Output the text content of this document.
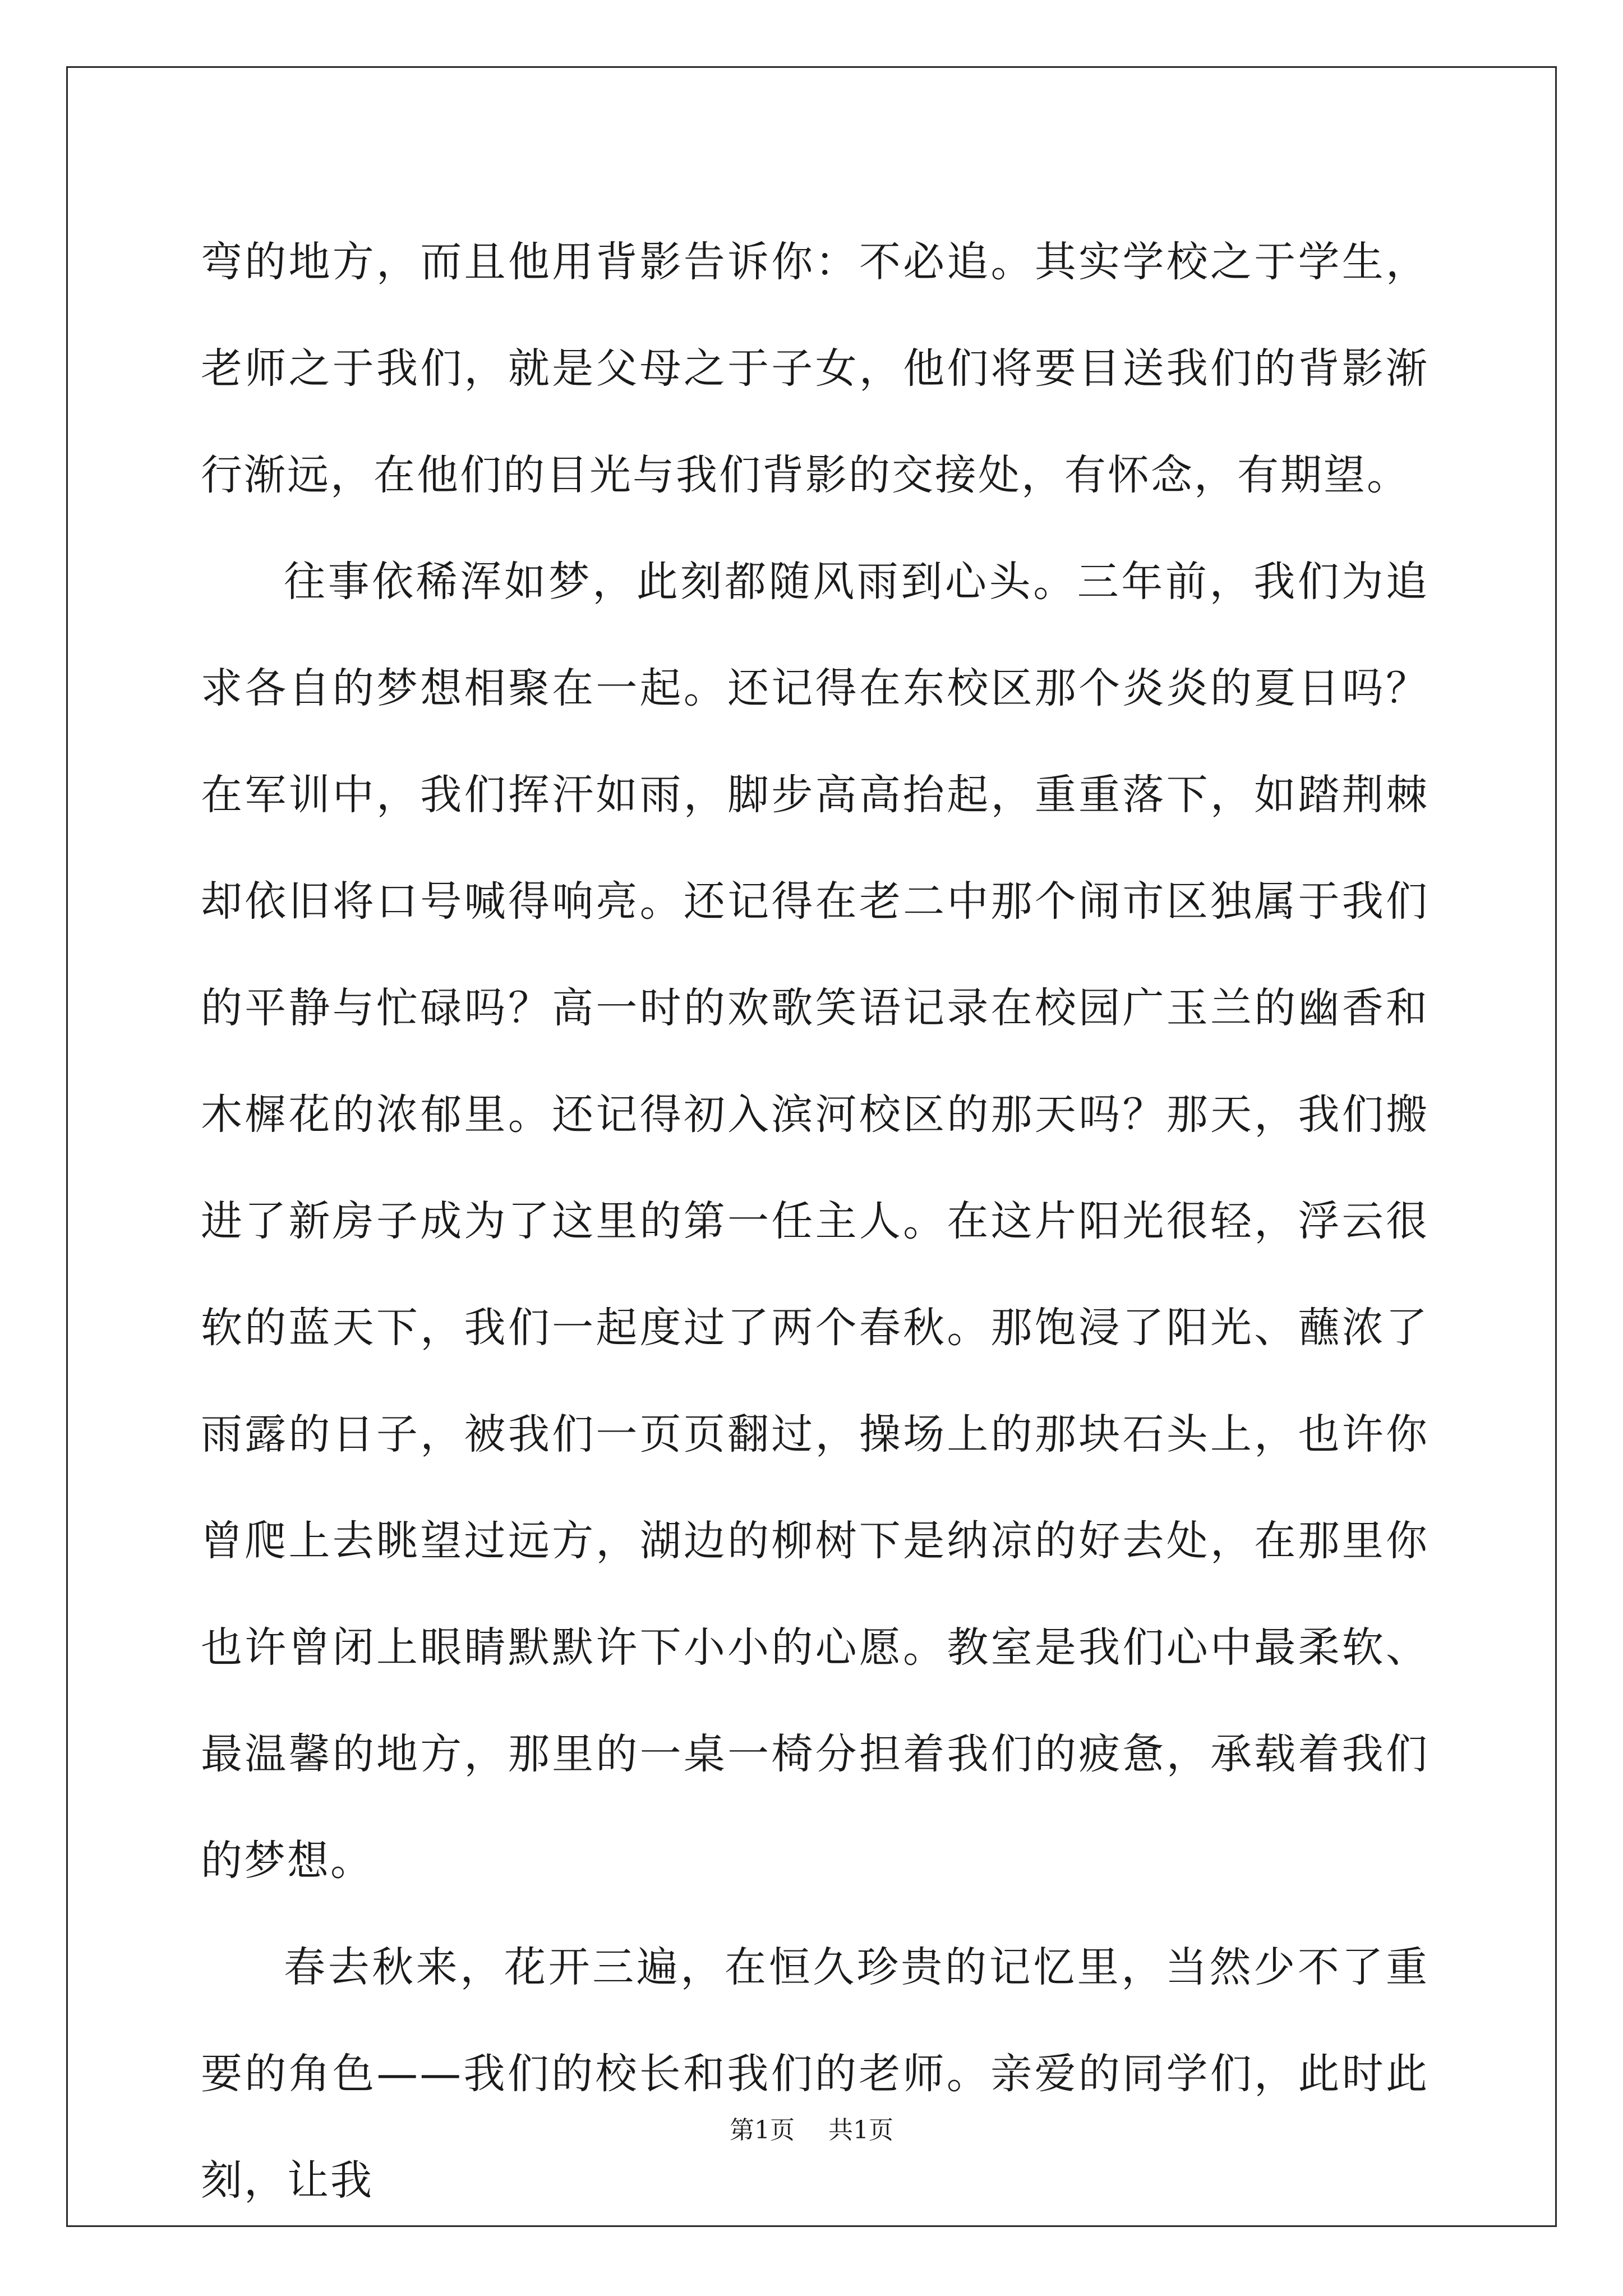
弯的地方，而且他用背影告诉你：不必追。其实学校之于学生，老师之于我们，就是父母之于子女，他们将要目送我们的背影渐行渐远，在他们的目光与我们背影的交接处，有怀念，有期望。

往事依稀浑如梦，此刻都随风雨到心头。三年前，我们为追求各自的梦想相聚在一起。还记得在东校区那个炎炎的夏日吗？在军训中，我们挥汗如雨，脚步高高抬起，重重落下，如踏荆棘却依旧将口号喊得响亮。还记得在老二中那个闹市区独属于我们的平静与忙碌吗？高一时的欢歌笑语记录在校园广玉兰的幽香和木樨花的浓郁里。还记得初入滨河校区的那天吗？那天，我们搬进了新房子成为了这里的第一任主人。在这片阳光很轻，浮云很软的蓝天下，我们一起度过了两个春秋。那饱浸了阳光、蘸浓了雨露的日子，被我们一页页翻过，操场上的那块石头上，也许你曾爬上去眺望过远方，湖边的柳树下是纳凉的好去处，在那里你也许曾闭上眼睛默默许下小小的心愿。教室是我们心中最柔软、最温馨的地方，那里的一桌一椅分担着我们的疲惫，承载着我们的梦想。

春去秋来，花开三遍，在恒久珍贵的记忆里，当然少不了重要的角色——我们的校长和我们的老师。亲爱的同学们，此时此刻，让我

第1页 共1页
